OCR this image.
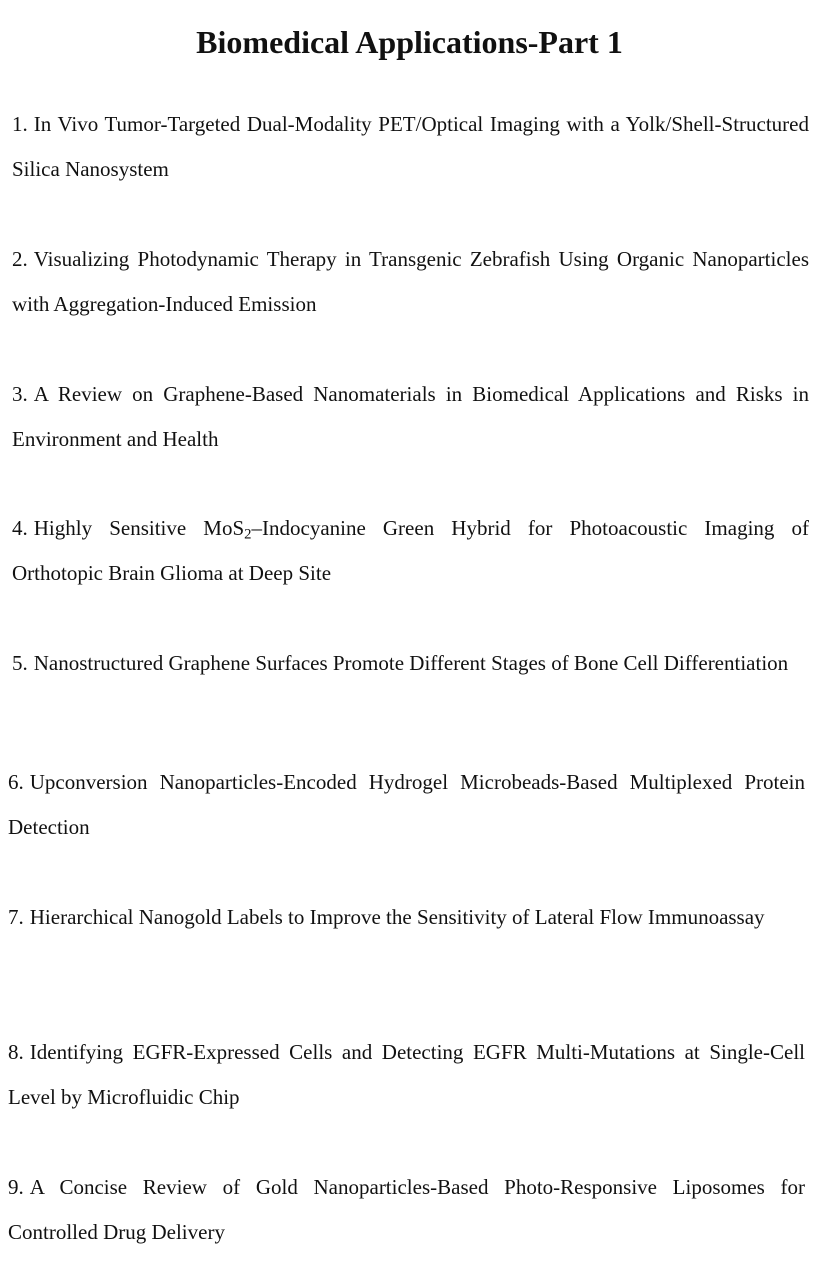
Biomedical Applications-Part 1
1. In Vivo Tumor-Targeted Dual-Modality PET/Optical Imaging with a Yolk/Shell-Structured Silica Nanosystem
2. Visualizing Photodynamic Therapy in Transgenic Zebrafish Using Organic Nanoparticles with Aggregation-Induced Emission
3. A Review on Graphene-Based Nanomaterials in Biomedical Applications and Risks in Environment and Health
4. Highly Sensitive MoS$_2$–Indocyanine Green Hybrid for Photoacoustic Imaging of Orthotopic Brain Glioma at Deep Site
5. Nanostructured Graphene Surfaces Promote Different Stages of Bone Cell Differentiation
6. Upconversion Nanoparticles-Encoded Hydrogel Microbeads-Based Multiplexed Protein Detection
7. Hierarchical Nanogold Labels to Improve the Sensitivity of Lateral Flow Immunoassay
8. Identifying EGFR-Expressed Cells and Detecting EGFR Multi-Mutations at Single-Cell Level by Microfluidic Chip
9. A Concise Review of Gold Nanoparticles-Based Photo-Responsive Liposomes for Controlled Drug Delivery
